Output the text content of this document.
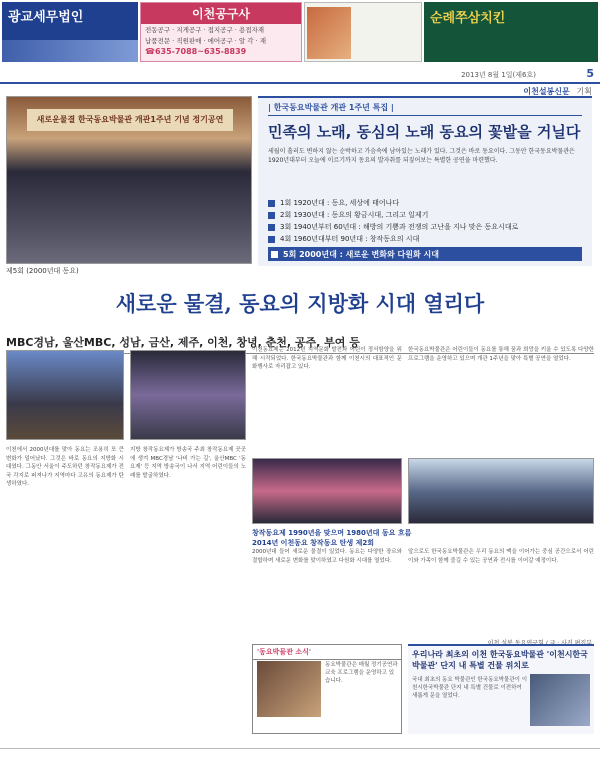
광교세무법인	이천공구사
전동공구 · 지게공구 · 접지공구 · 용접자재
납품전문 · 직원판매 · 에어공구 · 알 각 · 재
☎635-7088~635-8839
순례쭈삼치킨
2013년 8월 1일(제6호)	5
이천설봉신문 기획
새로운물결 한국동요박물관 개관1주년 기념 정기공연
제5회 (2000년대 동요)
| 한국동요박물관 개관 1주년 특집 |
민족의 노래, 동심의 노래 동요의 꽃밭을 거닐다
세월이 흘러도 변하지 않는 순박하고 가슴속에 남아있는 노래가 있다. 그것은 바로 동요이다. 그동안 한국동요박물관은 1920년대부터 오늘에 이르기까지 동요의 발자취를 되짚어보는 특별한 공연을 마련했다.
1회 1920년대 : 동요, 세상에 태어나다
2회 1930년대 : 동요의 황금시대, 그리고 일제기
3회 1940년부터 60년대 : 해방의 기쁨과 전쟁의 고난을 지나 맞은 동요시대로
4회 1960년대부터 90년대 : 창작동요의 시대
5회 2000년대 : 새로운 변화와 다원화 시대
새로운 물결, 동요의 지방화 시대 열리다
MBC경남, 울산MBC, 성남, 금산, 제주, 이천, 창녕, 춘천, 공주, 부여 등
이천에서 2000년대를 맞아 동요는 조용히 또 큰 변화가 일어났다. 그것은 바로 동요의 지방화 시대였다. 그동안 서울이 주도하던 창작동요제가 전국 각지로 퍼져나가 지역마다 고유의 동요제가 탄생하였다.
지방 창작동요제가 방송국 주최 창작동요제 곳곳에 생겨 MBC경남 '나비 가는 길', 울산MBC '동요제' 등 지역 방송국이 나서 지역 어린이들의 노래를 발굴하였다.
이천동요제는 2012년 지역문화 발전과 어린이 정서함양을 위해 시작되었다. 한국동요박물관과 함께 이천시의 대표적인 문화행사로 자리잡고 있다.
한국동요박물관은 어린이들이 동요를 통해 꿈과 희망을 키울 수 있도록 다양한 프로그램을 운영하고 있으며 개관 1주년을 맞아 특별 공연을 열었다.
창작동요제 1990년을 맞으며 1980년대 동요 흐름
2014년 이천동요 창작동요 탄생 제2회
2000년대 들어 새로운 물결이 일었다. 동요는 다양한 장르와 결합하며 새로운 변화를 맞이하였고 다원화 시대를 열었다.
앞으로도 한국동요박물관은 우리 동요의 맥을 이어가는 중심 공간으로서 어린이와 가족이 함께 즐길 수 있는 공연과 전시를 이어갈 예정이다.
'동요박물관 소식'
동요박물관은 매월 정기공연과 교육 프로그램을 운영하고 있습니다.
우리나라 최초의 이천 한국동요박물관 '이천시한국박물관' 단지 내 특별 건물 위치로
국내 최초의 동요 박물관인 한국동요박물관이 이천시한국박물관 단지 내 특별 건물로 이전하여 새롭게 문을 열었다.
